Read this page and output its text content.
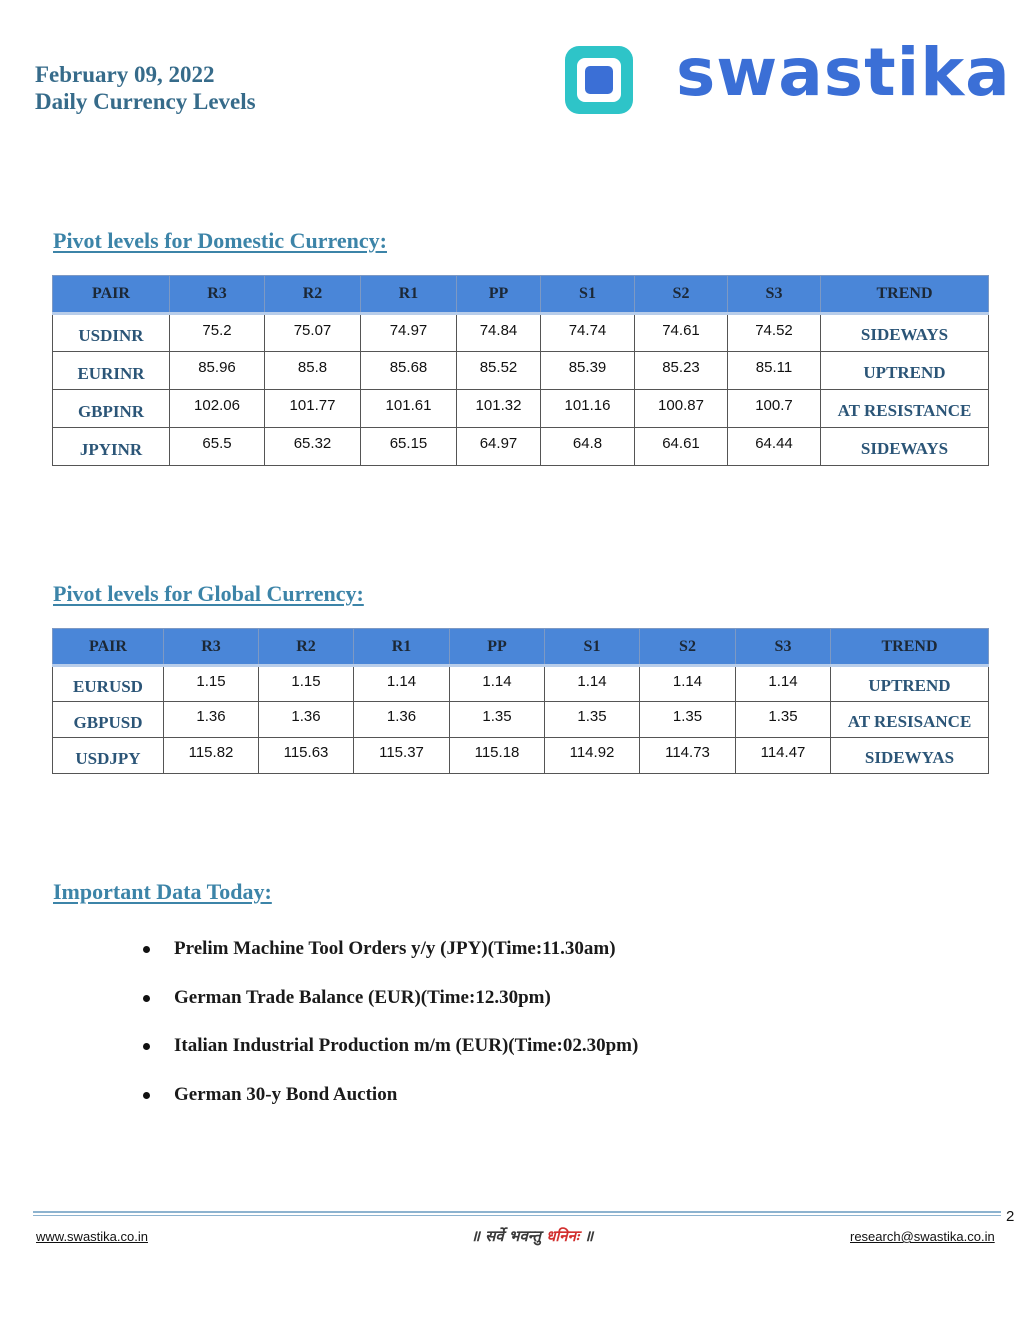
February 09, 2022
Daily Currency Levels	swastika
Pivot levels for Domestic Currency:
PAIR	R3	R2	R1	PP	S1	S2	S3	TREND
USDINR	75.2	75.07	74.97	74.84	74.74	74.61	74.52	SIDEWAYS
EURINR	85.96	85.8	85.68	85.52	85.39	85.23	85.11	UPTREND
GBPINR	102.06	101.77	101.61	101.32	101.16	100.87	100.7	AT RESISTANCE
JPYINR	65.5	65.32	65.15	64.97	64.8	64.61	64.44	SIDEWAYS
Pivot levels for Global Currency:
PAIR	R3	R2	R1	PP	S1	S2	S3	TREND
EURUSD	1.15	1.15	1.14	1.14	1.14	1.14	1.14	UPTREND
GBPUSD	1.36	1.36	1.36	1.35	1.35	1.35	1.35	AT RESISANCE
USDJPY	115.82	115.63	115.37	115.18	114.92	114.73	114.47	SIDEWYAS
Important Data Today:
Prelim Machine Tool Orders y/y (JPY)(Time:11.30am)
German Trade Balance (EUR)(Time:12.30pm)
Italian Industrial Production m/m (EUR)(Time:02.30pm)
German 30-y Bond Auction
2
www.swastika.co.in	॥ सर्वे भवन्तु धनिनः ॥	research@swastika.co.in
